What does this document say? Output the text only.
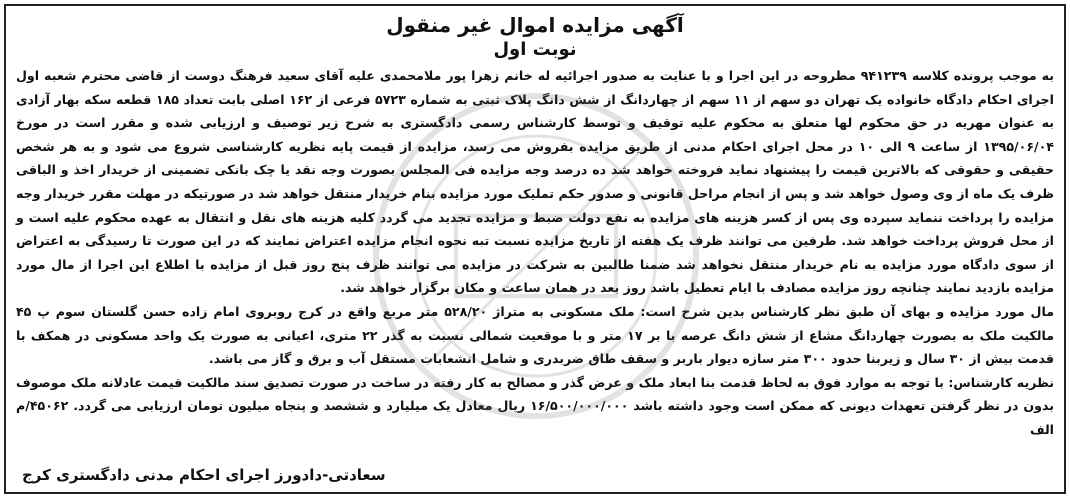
آگهی مزایده اموال غیر منقول
نوبت اول

به موجب پرونده کلاسه ۹۴۱۲۳۹ مطروحه در این اجرا و با عنایت به صدور اجرائیه له خانم زهرا پور ملامحمدی علیه آقای سعید فرهنگ دوست از قاضی محترم شعبه اول اجرای احکام دادگاه خانواده یک تهران دو سهم از ۱۱ سهم از چهاردانگ از شش دانگ پلاک ثبتی به شماره ۵۷۲۳ فرعی از ۱۶۲ اصلی بابت تعداد ۱۸۵ قطعه سکه بهار آزادی به عنوان مهریه در حق محکوم لها متعلق به محکوم علیه توقیف و توسط کارشناس رسمی دادگستری به شرح زیر توصیف و ارزیابی شده و مقرر است در مورخ ۱۳۹۵/۰۶/۰۴ از ساعت ۹ الی ۱۰ در محل اجرای احکام مدنی از طریق مزایده بفروش می رسد، مزایده از قیمت پایه نظریه کارشناسی شروع می شود و به هر شخص حقیقی و حقوقی که بالاترین قیمت را پیشنهاد نماید فروخته خواهد شد ده درصد وجه مزایده فی المجلس بصورت وجه نقد یا چک بانکی تضمینی از خریدار اخذ و الباقی ظرف یک ماه از وی وصول خواهد شد و پس از انجام مراحل قانونی و صدور حکم تملیک مورد مزایده بنام خریدار منتقل خواهد شد در صورتیکه در مهلت مقرر خریدار وجه مزایده را پرداخت ننماید سپرده وی پس از کسر هزینه های مزایده به نفع دولت ضبط و مزایده تجدید می گردد کلیه هزینه های نقل و انتقال به عهده محکوم علیه است و از محل فروش پرداخت خواهد شد. طرفین می توانند ظرف یک هفته از تاریخ مزایده نسبت تبه نحوه انجام مزایده اعتراض نمایند که در این صورت تا رسیدگی به اعتراض از سوی دادگاه مورد مزایده به نام خریدار منتقل نخواهد شد ضمنا طالبین به شرکت در مزایده می توانند ظرف پنج روز قبل از مزایده با اطلاع این اجرا از مال مورد مزایده بازدید نمایند چنانچه روز مزایده مصادف با ایام تعطیل باشد روز بعد در همان ساعت و مکان برگزار خواهد شد.

مال مورد مزایده و بهای آن طبق نظر کارشناس بدین شرح است: ملک مسکونی به متراژ ۵۲۸/۲۰ متر مربع واقع در کرج روبروی امام زاده حسن گلستان سوم پ ۴۵ مالکیت ملک به بصورت چهاردانگ مشاع از شش دانگ عرصه با بر ۱۷ متر و با موقعیت شمالی نسبت به گذر ۲۲ متری، اعیانی به صورت یک واحد مسکونی در همکف با قدمت بیش از ۳۰ سال و زیربنا حدود ۳۰۰ متر سازه دیوار باربر و سقف طاق ضربدری و شامل انشعابات مستقل آب و برق و گاز می باشد.

نظریه کارشناس: با توجه به موارد فوق به لحاظ قدمت بنا ابعاد ملک و عرض گذر و مصالح به کار رفته در ساخت در صورت تصدیق سند مالکیت قیمت عادلانه ملک موصوف بدون در نظر گرفتن تعهدات دیونی که ممکن است وجود داشته باشد ۱۶/۵۰۰/۰۰۰/۰۰۰ ریال معادل یک میلیارد و ششصد و پنجاه میلیون تومان ارزیابی می گردد. ۴۵۰۶۲/م الف

سعادتی-دادورز اجرای احکام مدنی دادگستری کرج
